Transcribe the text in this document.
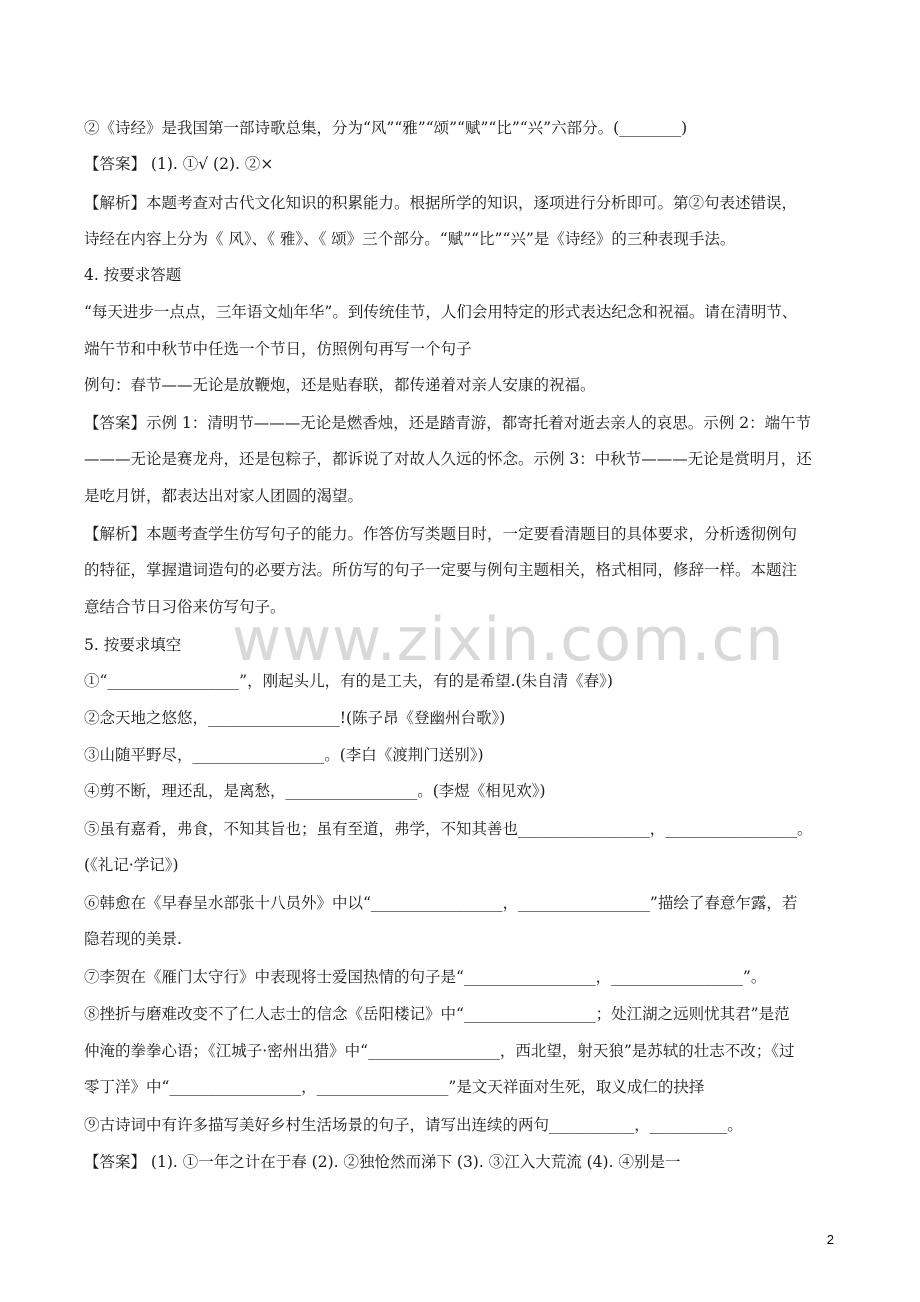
②《诗经》是我国第一部诗歌总集，分为“风”“雅”“颂”“赋”“比”“兴”六部分。(________)
【答案】 (1). ①√ (2). ②×
【解析】本题考查对古代文化知识的积累能力。根据所学的知识，逐项进行分析即可。第②句表述错误，
诗经在内容上分为《 风》、《 雅》、《 颂》三个部分。“赋”“比”“兴”是《诗经》的三种表现手法。
4. 按要求答题
“每天进步一点点，三年语文灿年华”。到传统佳节，人们会用特定的形式表达纪念和祝福。请在清明节、
端午节和中秋节中任选一个节日，仿照例句再写一个句子
例句：春节——无论是放鞭炮，还是贴春联，都传递着对亲人安康的祝福。
【答案】示例 1：清明节———无论是燃香烛，还是踏青游，都寄托着对逝去亲人的哀思。示例 2：端午节
———无论是赛龙舟，还是包粽子，都诉说了对故人久远的怀念。示例 3：中秋节———无论是赏明月，还
是吃月饼，都表达出对家人团圆的渴望。
【解析】本题考查学生仿写句子的能力。作答仿写类题目时，一定要看清题目的具体要求，分析透彻例句
的特征，掌握遣词造句的必要方法。所仿写的句子一定要与例句主题相关，格式相同，修辞一样。本题注
意结合节日习俗来仿写句子。
5. 按要求填空
①“_________________”，刚起头儿，有的是工夫，有的是希望.(朱自清《春》)
②念天地之悠悠，_________________!(陈子昂《登幽州台歌》)
③山随平野尽，_________________。(李白《渡荆门送别》)
④剪不断，理还乱，是离愁，_________________。(李煜《相见欢》)
⑤虽有嘉肴，弗食，不知其旨也；虽有至道，弗学，不知其善也_________________，_________________。
(《礼记·学记》)
⑥韩愈在《早春呈水部张十八员外》中以“_________________，_________________”描绘了春意乍露，若
隐若现的美景.
⑦李贺在《雁门太守行》中表现将士爱国热情的句子是“_________________，_________________”。
⑧挫折与磨难改变不了仁人志士的信念《岳阳楼记》中“_________________；处江湖之远则忧其君”是范
仲淹的拳拳心语；《江城子·密州出猎》中“_________________，西北望，射天狼”是苏轼的壮志不改；《过
零丁洋》中“_________________，_________________”是文天祥面对生死，取义成仁的抉择
⑨古诗词中有许多描写美好乡村生活场景的句子，请写出连续的两句___________，__________。
【答案】 (1). ①一年之计在于春 (2). ②独怆然而涕下 (3). ③江入大荒流 (4). ④别是一
www.zixin.com.cn
2
